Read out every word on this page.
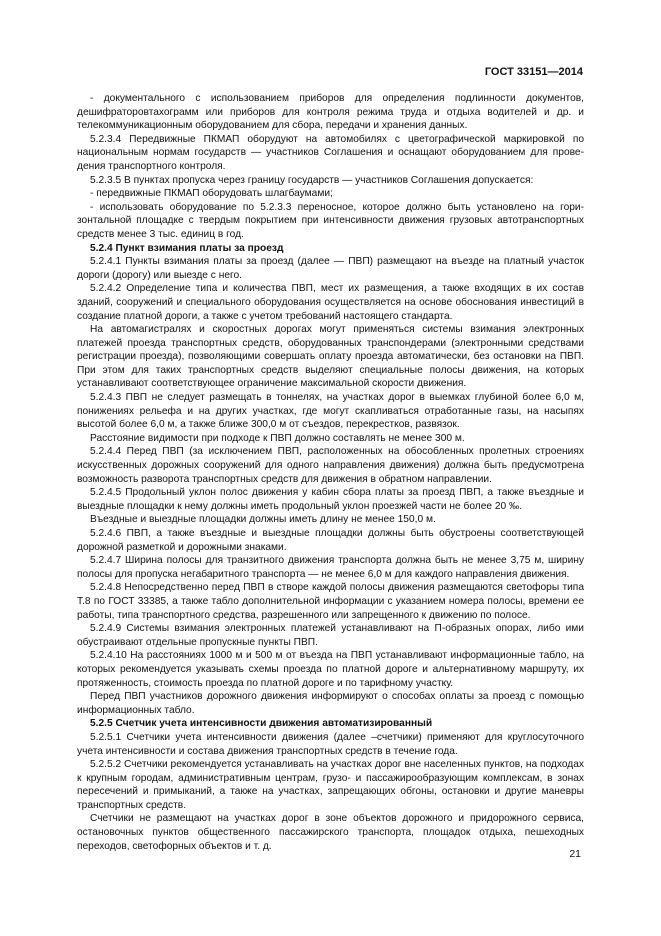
ГОСТ 33151—2014

- документального с использованием приборов для определения подлинности документов, дешифраторовтахограмм или приборов для контроля режима труда и отдыха водителей и др. и телекоммуникационным оборудованием для сбора, передачи и хранения данных.

5.2.3.4 Передвижные ПКМАП оборудуют на автомобилях с цветографической маркировкой по национальным нормам государств — участников Соглашения и оснащают оборудованием для проведения транспортного контроля.

5.2.3.5 В пунктах пропуска через границу государств — участников Соглашения допускается:

- передвижные ПКМАП оборудовать шлагбаумами;

- использовать оборудование по 5.2.3.3 переносное, которое должно быть установлено на горизонтальной площадке с твердым покрытием при интенсивности движения грузовых автотранспортных средств менее 3 тыс. единиц в год.

5.2.4 Пункт взимания платы за проезд

5.2.4.1 Пункты взимания платы за проезд (далее — ПВП) размещают на въезде на платный участок дороги (дорогу) или выезде с него.

5.2.4.2 Определение типа и количества ПВП, мест их размещения, а также входящих в их состав зданий, сооружений и специального оборудования осуществляется на основе обоснования инвестиций в создание платной дороги, а также с учетом требований настоящего стандарта.

На автомагистралях и скоростных дорогах могут применяться системы взимания электронных платежей проезда транспортных средств, оборудованных транспондерами (электронными средствами регистрации проезда), позволяющими совершать оплату проезда автоматически, без остановки на ПВП. При этом для таких транспортных средств выделяют специальные полосы движения, на которых устанавливают соответствующее ограничение максимальной скорости движения.

5.2.4.3 ПВП не следует размещать в тоннелях, на участках дорог в выемках глубиной более 6,0 м, понижениях рельефа и на других участках, где могут скапливаться отработанные газы, на насыпях высотой более 6,0 м, а также ближе 300,0 м от съездов, перекрестков, развязок.

Расстояние видимости при подходе к ПВП должно составлять не менее 300 м.

5.2.4.4 Перед ПВП (за исключением ПВП, расположенных на обособленных пролетных строениях искусственных дорожных сооружений для одного направления движения) должна быть предусмотрена возможность разворота транспортных средств для движения в обратном направлении.

5.2.4.5 Продольный уклон полос движения у кабин сбора платы за проезд ПВП, а также въездные и выездные площадки к нему должны иметь продольный уклон проезжей части не более 20 ‰.

Въездные и выездные площадки должны иметь длину не менее 150,0 м.

5.2.4.6 ПВП, а также въездные и выездные площадки должны быть обустроены соответствующей дорожной разметкой и дорожными знаками.

5.2.4.7 Ширина полосы для транзитного движения транспорта должна быть не менее 3,75 м, ширину полосы для пропуска негабаритного транспорта — не менее 6,0 м для каждого направления движения.

5.2.4.8 Непосредственно перед ПВП в створе каждой полосы движения размещаются светофоры типа Т.8 по ГОСТ 33385, а также табло дополнительной информации с указанием номера полосы, времени ее работы, типа транспортного средства, разрешенного или запрещенного к движению по полосе.

5.2.4.9 Системы взимания электронных платежей устанавливают на П-образных опорах, либо ими обустраивают отдельные пропускные пункты ПВП.

5.2.4.10 На расстояниях 1000 м и 500 м от въезда на ПВП устанавливают информационные табло, на которых рекомендуется указывать схемы проезда по платной дороге и альтернативному маршруту, их протяженность, стоимость проезда по платной дороге и по тарифному участку.

Перед ПВП участников дорожного движения информируют о способах оплаты за проезд с помощью информационных табло.

5.2.5 Счетчик учета интенсивности движения автоматизированный

5.2.5.1 Счетчики учета интенсивности движения (далее –счетчики) применяют для круглосуточного учета интенсивности и состава движения транспортных средств в течение года.

5.2.5.2 Счетчики рекомендуется устанавливать на участках дорог вне населенных пунктов, на подходах к крупным городам, административным центрам, грузо- и пассажирообразующим комплексам, в зонах пересечений и примыканий, а также на участках, запрещающих обгоны, остановки и другие маневры транспортных средств.

Счетчики не размещают на участках дорог в зоне объектов дорожного и придорожного сервиса, остановочных пунктов общественного пассажирского транспорта, площадок отдыха, пешеходных переходов, светофорных объектов и т. д.

21
